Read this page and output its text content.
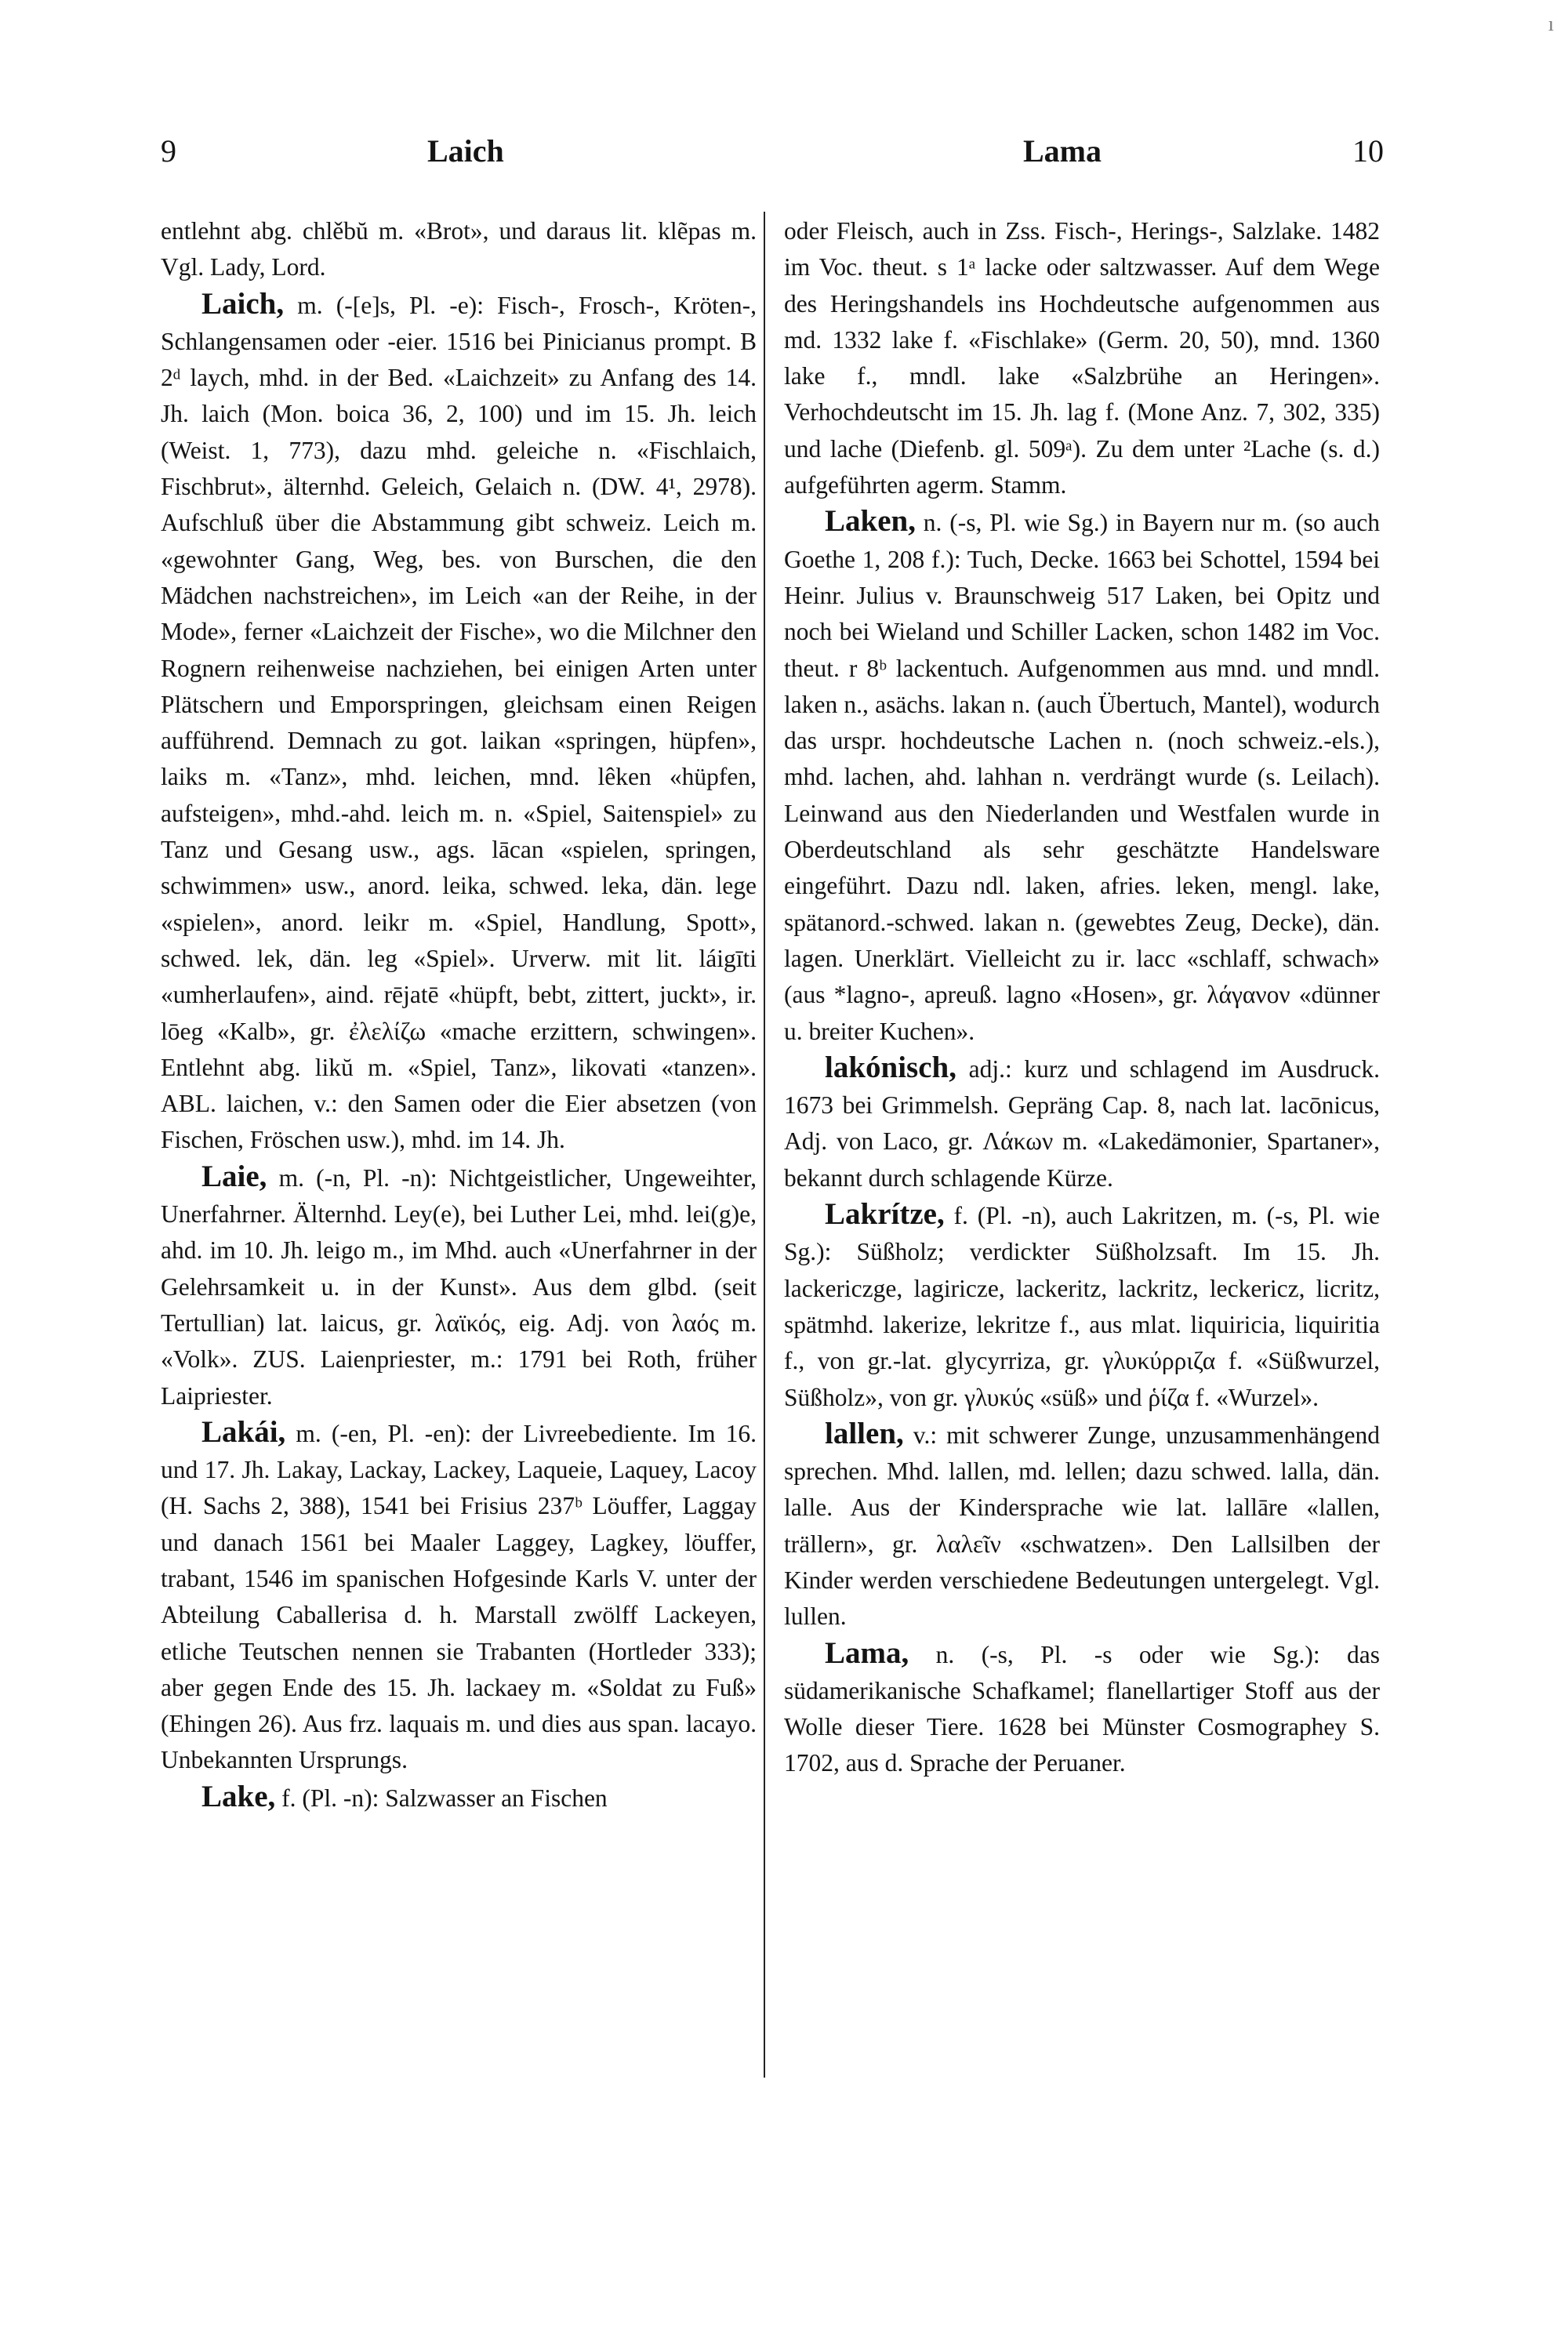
ı
9	Laich	Lama	10

entlehnt abg. chlěbŭ m. «Brot», und daraus lit. klẽpas m. Vgl. Lady, Lord.

Laich, m. (-[e]s, Pl. -e): Fisch-, Frosch-, Kröten-, Schlangensamen oder -eier. 1516 bei Pinicianus prompt. B 2ᵈ laych, mhd. in der Bed. «Laichzeit» zu Anfang des 14. Jh. laich (Mon. boica 36, 2, 100) und im 15. Jh. leich (Weist. 1, 773), dazu mhd. geleiche n. «Fischlaich, Fischbrut», älternhd. Geleich, Gelaich n. (DW. 4¹, 2978). Aufschluß über die Abstammung gibt schweiz. Leich m. «gewohnter Gang, Weg, bes. von Burschen, die den Mädchen nachstreichen», im Leich «an der Reihe, in der Mode», ferner «Laichzeit der Fische», wo die Milchner den Rognern reihenweise nachziehen, bei einigen Arten unter Plätschern und Emporspringen, gleichsam einen Reigen aufführend. Demnach zu got. laikan «springen, hüpfen», laiks m. «Tanz», mhd. leichen, mnd. lêken «hüpfen, aufsteigen», mhd.-ahd. leich m. n. «Spiel, Saitenspiel» zu Tanz und Gesang usw., ags. lācan «spielen, springen, schwimmen» usw., anord. leika, schwed. leka, dän. lege «spielen», anord. leikr m. «Spiel, Handlung, Spott», schwed. lek, dän. leg «Spiel». Urverw. mit lit. láigīti «umherlaufen», aind. rējatē «hüpft, bebt, zittert, juckt», ir. lōeg «Kalb», gr. ἐλελίζω «mache erzittern, schwingen». Entlehnt abg. likŭ m. «Spiel, Tanz», likovati «tanzen». ABL. laichen, v.: den Samen oder die Eier absetzen (von Fischen, Fröschen usw.), mhd. im 14. Jh.

Laie, m. (-n, Pl. -n): Nichtgeistlicher, Ungeweihter, Unerfahrner. Älternhd. Ley(e), bei Luther Lei, mhd. lei(g)e, ahd. im 10. Jh. leigo m., im Mhd. auch «Unerfahrner in der Gelehrsamkeit u. in der Kunst». Aus dem glbd. (seit Tertullian) lat. laicus, gr. λαϊκός, eig. Adj. von λαός m. «Volk». ZUS. Laienpriester, m.: 1791 bei Roth, früher Laipriester.

Lakái, m. (-en, Pl. -en): der Livreebediente. Im 16. und 17. Jh. Lakay, Lackay, Lackey, Laqueie, Laquey, Lacoy (H. Sachs 2, 388), 1541 bei Frisius 237ᵇ Löuffer, Laggay und danach 1561 bei Maaler Laggey, Lagkey, löuffer, trabant, 1546 im spanischen Hofgesinde Karls V. unter der Abteilung Caballerisa d. h. Marstall zwölff Lackeyen, etliche Teutschen nennen sie Trabanten (Hortleder 333); aber gegen Ende des 15. Jh. lackaey m. «Soldat zu Fuß» (Ehingen 26). Aus frz. laquais m. und dies aus span. lacayo. Unbekannten Ursprungs.

Lake, f. (Pl. -n): Salzwasser an Fischen

oder Fleisch, auch in Zss. Fisch-, Herings-, Salzlake. 1482 im Voc. theut. s 1ᵃ lacke oder saltzwasser. Auf dem Wege des Heringshandels ins Hochdeutsche aufgenommen aus md. 1332 lake f. «Fischlake» (Germ. 20, 50), mnd. 1360 lake f., mndl. lake «Salzbrühe an Heringen». Verhochdeutscht im 15. Jh. lag f. (Mone Anz. 7, 302, 335) und lache (Diefenb. gl. 509ᵃ). Zu dem unter ²Lache (s. d.) aufgeführten agerm. Stamm.

Laken, n. (-s, Pl. wie Sg.) in Bayern nur m. (so auch Goethe 1, 208 f.): Tuch, Decke. 1663 bei Schottel, 1594 bei Heinr. Julius v. Braunschweig 517 Laken, bei Opitz und noch bei Wieland und Schiller Lacken, schon 1482 im Voc. theut. r 8ᵇ lackentuch. Aufgenommen aus mnd. und mndl. laken n., asächs. lakan n. (auch Übertuch, Mantel), wodurch das urspr. hochdeutsche Lachen n. (noch schweiz.-els.), mhd. lachen, ahd. lahhan n. verdrängt wurde (s. Leilach). Leinwand aus den Niederlanden und Westfalen wurde in Oberdeutschland als sehr geschätzte Handelsware eingeführt. Dazu ndl. laken, afries. leken, mengl. lake, spätanord.-schwed. lakan n. (gewebtes Zeug, Decke), dän. lagen. Unerklärt. Vielleicht zu ir. lacc «schlaff, schwach» (aus *lagno-, apreuß. lagno «Hosen», gr. λάγανον «dünner u. breiter Kuchen».

lakónisch, adj.: kurz und schlagend im Ausdruck. 1673 bei Grimmelsh. Gepräng Cap. 8, nach lat. lacōnicus, Adj. von Laco, gr. Λάκων m. «Lakedämonier, Spartaner», bekannt durch schlagende Kürze.

Lakrítze, f. (Pl. -n), auch Lakritzen, m. (-s, Pl. wie Sg.): Süßholz; verdickter Süßholzsaft. Im 15. Jh. lackericzge, lagiricze, lackeritz, lackritz, leckericz, licritz, spätmhd. lakerize, lekritze f., aus mlat. liquiricia, liquiritia f., von gr.-lat. glycyrriza, gr. γλυκύρριζα f. «Süßwurzel, Süßholz», von gr. γλυκύς «süß» und ῥίζα f. «Wurzel».

lallen, v.: mit schwerer Zunge, unzusammenhängend sprechen. Mhd. lallen, md. lellen; dazu schwed. lalla, dän. lalle. Aus der Kindersprache wie lat. lallāre «lallen, trällern», gr. λαλεῖν «schwatzen». Den Lallsilben der Kinder werden verschiedene Bedeutungen untergelegt. Vgl. lullen.

Lama, n. (-s, Pl. -s oder wie Sg.): das südamerikanische Schafkamel; flanellartiger Stoff aus der Wolle dieser Tiere. 1628 bei Münster Cosmographey S. 1702, aus d. Sprache der Peruaner.
